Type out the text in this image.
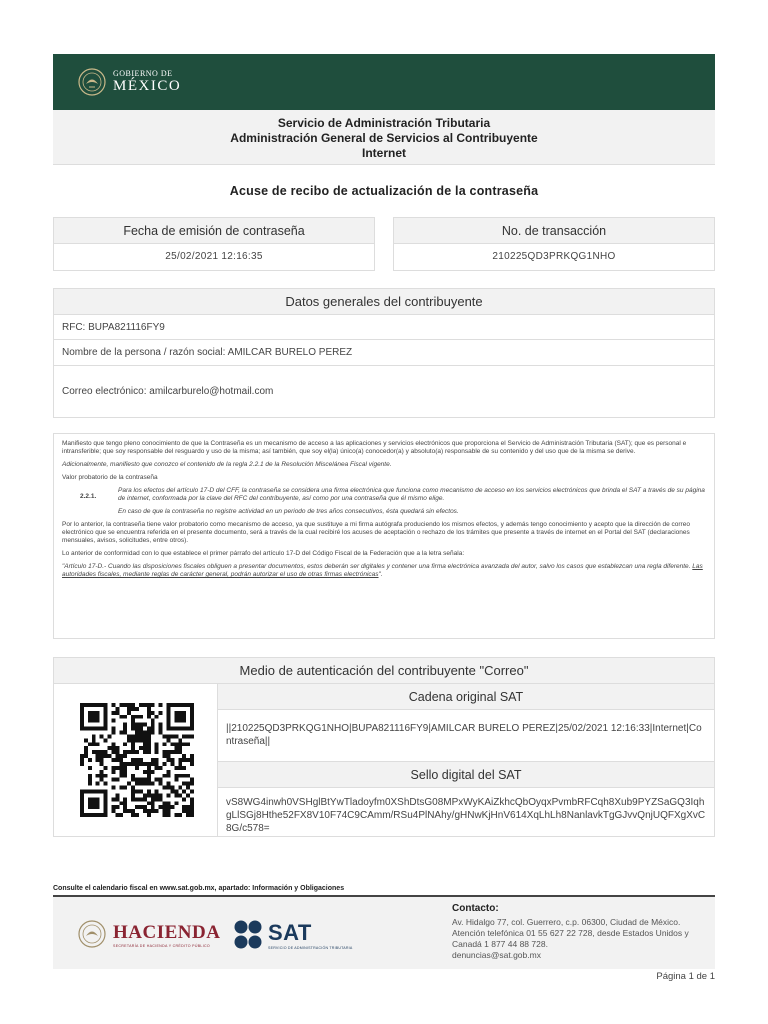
GOBIERNO DE
MÉXICO
Servicio de Administración Tributaria
Administración General de Servicios al Contribuyente
Internet
Acuse de recibo de actualización de la contraseña
Fecha de emisión de contraseña
25/02/2021 12:16:35
No. de transacción
210225QD3PRKQG1NHO
Datos generales del contribuyente
RFC: BUPA821116FY9
Nombre de la persona / razón social: AMILCAR BURELO PEREZ
Correo electrónico: amilcarburelo@hotmail.com

Manifiesto que tengo pleno conocimiento de que la Contraseña es un mecanismo de acceso a las aplicaciones y servicios electrónicos que proporciona el Servicio de Administración Tributaria (SAT); que es personal e intransferible; que soy responsable del resguardo y uso de la misma; así también, que soy el(la) único(a) conocedor(a) y absoluto(a) responsable de su contenido y del uso que de la misma se derive.

Adicionalmente, manifiesto que conozco el contenido de la regla 2.2.1 de la Resolución Miscelánea Fiscal vigente.

Valor probatorio de la contraseña

2.2.1.

Para los efectos del artículo 17-D del CFF, la contraseña se considera una firma electrónica que funciona como mecanismo de acceso en los servicios electrónicos que brinda el SAT a través de su página de internet, conformada por la clave del RFC del contribuyente, así como por una contraseña que él mismo elige.

En caso de que la contraseña no registre actividad en un periodo de tres años consecutivos, ésta quedará sin efectos.

Por lo anterior, la contraseña tiene valor probatorio como mecanismo de acceso, ya que sustituye a mi firma autógrafa produciendo los mismos efectos, y además tengo conocimiento y acepto que la dirección de correo electrónico que se encuentra referida en el presente documento, será a través de la cual recibiré los acuses de aceptación o rechazo de los trámites que presente a través de internet en el Portal del SAT (declaraciones mensuales, avisos, solicitudes, entre otros).

Lo anterior de conformidad con lo que establece el primer párrafo del artículo 17-D del Código Fiscal de la Federación que a la letra señala:

"Artículo 17-D.- Cuando las disposiciones fiscales obliguen a presentar documentos, estos deberán ser digitales y contener una firma electrónica avanzada del autor, salvo los casos que establezcan una regla diferente. Las autoridades fiscales, mediante reglas de carácter general, podrán autorizar el uso de otras firmas electrónicas".

Medio de autenticación del contribuyente "Correo"
Cadena original SAT
||210225QD3PRKQG1NHO|BUPA821116FY9|AMILCAR BURELO PEREZ|25/02/2021 12:16:33|Internet|Contraseña||
Sello digital del SAT
vS8WG4inwh0VSHglBtYwTladoyfm0XShDtsG08MPxWyKAiZkhcQbOyqxPvmbRFCqh8Xub9PYZSaGQ3IqhgLlSGj8Hthe52FX8V10F74C9CAmm/RSu4PlNAhy/gHNwKjHnV614XqLhLh8NanlavkTgGJvvQnjUQFXgXvC8G/c578=
Consulte el calendario fiscal en www.sat.gob.mx, apartado: Información y Obligaciones
HACIENDA
SECRETARÍA DE HACIENDA Y CRÉDITO PÚBLICO
SAT
SERVICIO DE ADMINISTRACIÓN TRIBUTARIA
Contacto:
Av. Hidalgo 77, col. Guerrero, c.p. 06300, Ciudad de México.
Atención telefónica 01 55 627 22 728, desde Estados Unidos y Canadá 1 877 44 88 728.
denuncias@sat.gob.mx
Página 1 de 1
